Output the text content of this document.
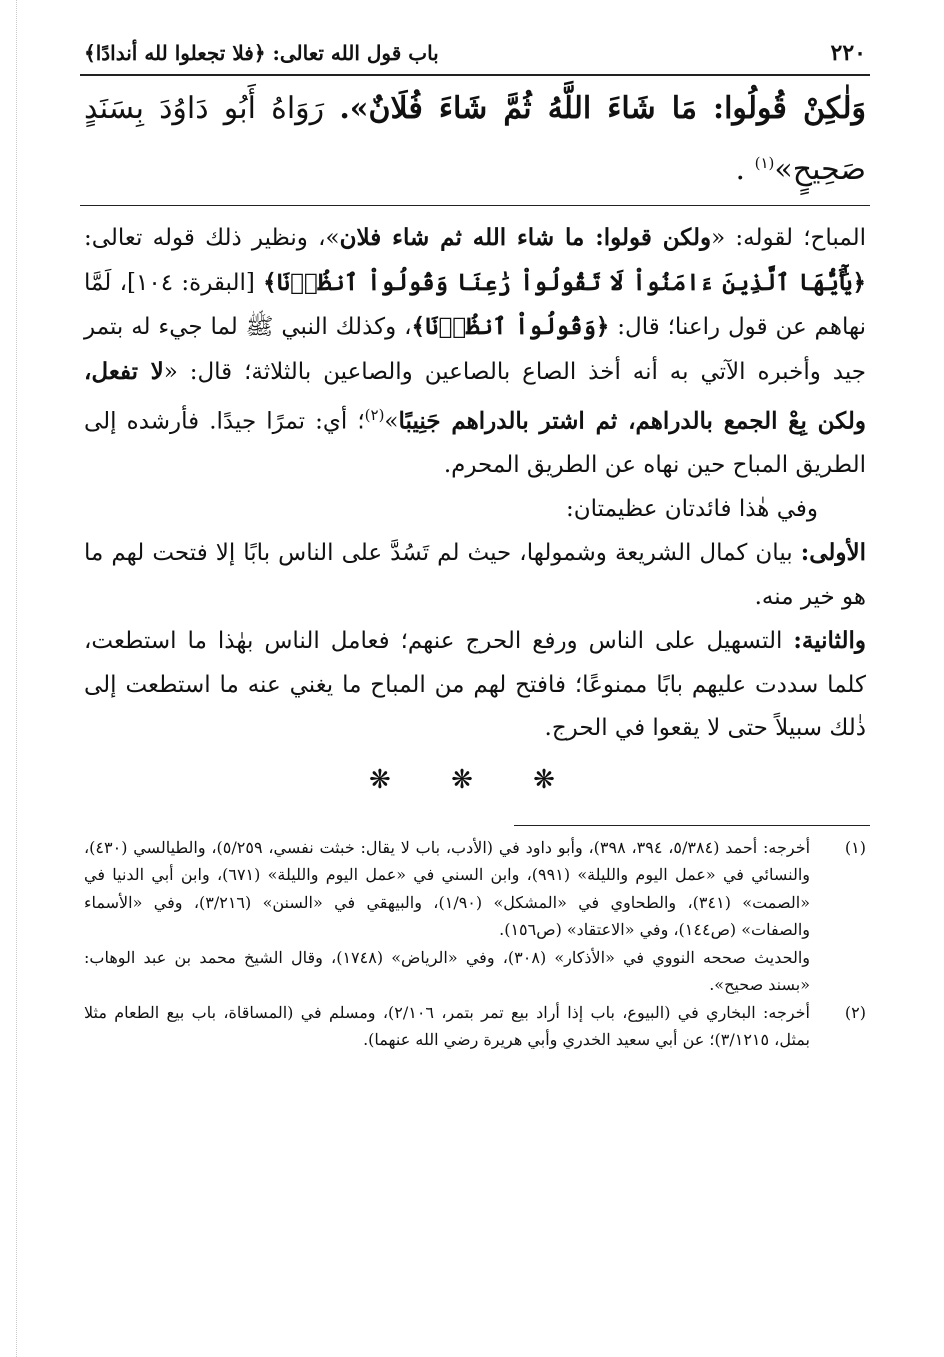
٢٢٠
باب قول الله تعالى: ﴿فلا تجعلوا لله أندادًا﴾
وَلٰكِنْ قُولُوا: مَا شَاءَ اللَّهُ ثُمَّ شَاءَ فُلَانٌ». رَوَاهُ أَبُو دَاوُدَ بِسَنَدٍ صَحِيحٍ»$^{(١)}$ .

المباح؛ لقوله: «ولكن قولوا: ما شاء الله ثم شاء فلان»، ونظير ذلك قوله تعالى: ﴿يَٰٓأَيُّهَا ٱلَّذِينَ ءَامَنُواْ لَا تَقُولُواْ رَٰعِنَا وَقُولُواْ ٱنظُرۡنَا﴾ [البقرة: ١٠٤]، لَمَّا نهاهم عن قول راعنا؛ قال: ﴿وَقُولُواْ ٱنظُرۡنَا﴾، وكذلك النبي ﷺ لما جيء له بتمر جيد وأخبره الآتي به أنه أخذ الصاع بالصاعين والصاعين بالثلاثة؛ قال: «لا تفعل، ولكن بِعْ الجمع بالدراهم، ثم اشتر بالدراهم جَنِيبًا»$^{(٢)}$؛ أي: تمرًا جيدًا. فأرشده إلى الطريق المباح حين نهاه عن الطريق المحرم.

وفي هٰذا فائدتان عظيمتان:

الأولى: بيان كمال الشريعة وشمولها، حيث لم تَسُدَّ على الناس بابًا إلا فتحت لهم ما هو خير منه.

والثانية: التسهيل على الناس ورفع الحرج عنهم؛ فعامل الناس بهٰذا ما استطعت، كلما سددت عليهم بابًا ممنوعًا؛ فافتح لهم من المباح ما يغني عنه ما استطعت إلى ذٰلك سبيلاً حتى لا يقعوا في الحرج.

❋ ❋ ❋
(١)
أخرجه: أحمد (٥/٣٨٤، ٣٩٤، ٣٩٨)، وأبو داود في (الأدب، باب لا يقال: خبثت نفسي، ٥/٢٥٩)، والطيالسي (٤٣٠)، والنسائي في «عمل اليوم والليلة» (٩٩١)، وابن السني في «عمل اليوم والليلة» (٦٧١)، وابن أبي الدنيا في «الصمت» (٣٤١)، والطحاوي في «المشكل» (١/٩٠)، والبيهقي في «السنن» (٣/٢١٦)، وفي «الأسماء والصفات» (ص١٤٤)، وفي «الاعتقاد» (ص١٥٦).
والحديث صححه النووي في «الأذكار» (٣٠٨)، وفي «الرياض» (١٧٤٨)، وقال الشيخ محمد بن عبد الوهاب: «بسند صحيح».
(٢)
أخرجه: البخاري في (البيوع، باب إذا أراد بيع تمر بتمر، ٢/١٠٦)، ومسلم في (المساقاة، باب بيع الطعام مثلا بمثل، ٣/١٢١٥)؛ عن أبي سعيد الخدري وأبي هريرة رضي الله عنهما).
